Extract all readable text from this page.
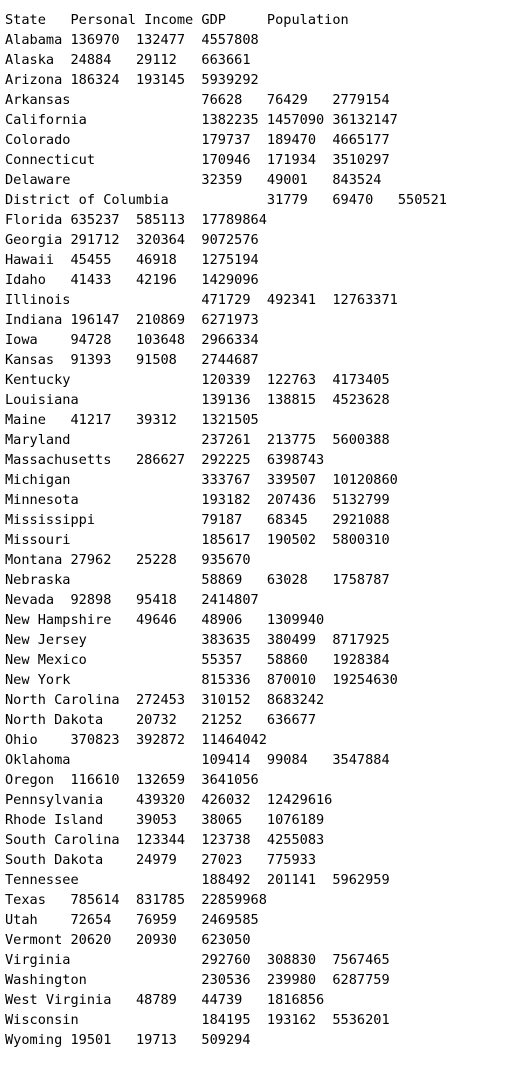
State   Personal Income GDP     Population
Alabama 136970  132477  4557808
Alaska  24884   29112   663661
Arizona 186324  193145  5939292
Arkansas                76628   76429   2779154
California              1382235 1457090 36132147
Colorado                179737  189470  4665177
Connecticut             170946  171934  3510297
Delaware                32359   49001   843524
District of Columbia            31779   69470   550521
Florida 635237  585113  17789864
Georgia 291712  320364  9072576
Hawaii  45455   46918   1275194
Idaho   41433   42196   1429096
Illinois                471729  492341  12763371
Indiana 196147  210869  6271973
Iowa    94728   103648  2966334
Kansas  91393   91508   2744687
Kentucky                120339  122763  4173405
Louisiana               139136  138815  4523628
Maine   41217   39312   1321505
Maryland                237261  213775  5600388
Massachusetts   286627  292225  6398743
Michigan                333767  339507  10120860
Minnesota               193182  207436  5132799
Mississippi             79187   68345   2921088
Missouri                185617  190502  5800310
Montana 27962   25228   935670
Nebraska                58869   63028   1758787
Nevada  92898   95418   2414807
New Hampshire   49646   48906   1309940
New Jersey              383635  380499  8717925
New Mexico              55357   58860   1928384
New York                815336  870010  19254630
North Carolina  272453  310152  8683242
North Dakota    20732   21252   636677
Ohio    370823  392872  11464042
Oklahoma                109414  99084   3547884
Oregon  116610  132659  3641056
Pennsylvania    439320  426032  12429616
Rhode Island    39053   38065   1076189
South Carolina  123344  123738  4255083
South Dakota    24979   27023   775933
Tennessee               188492  201141  5962959
Texas   785614  831785  22859968
Utah    72654   76959   2469585
Vermont 20620   20930   623050
Virginia                292760  308830  7567465
Washington              230536  239980  6287759
West Virginia   48789   44739   1816856
Wisconsin               184195  193162  5536201
Wyoming 19501   19713   509294
